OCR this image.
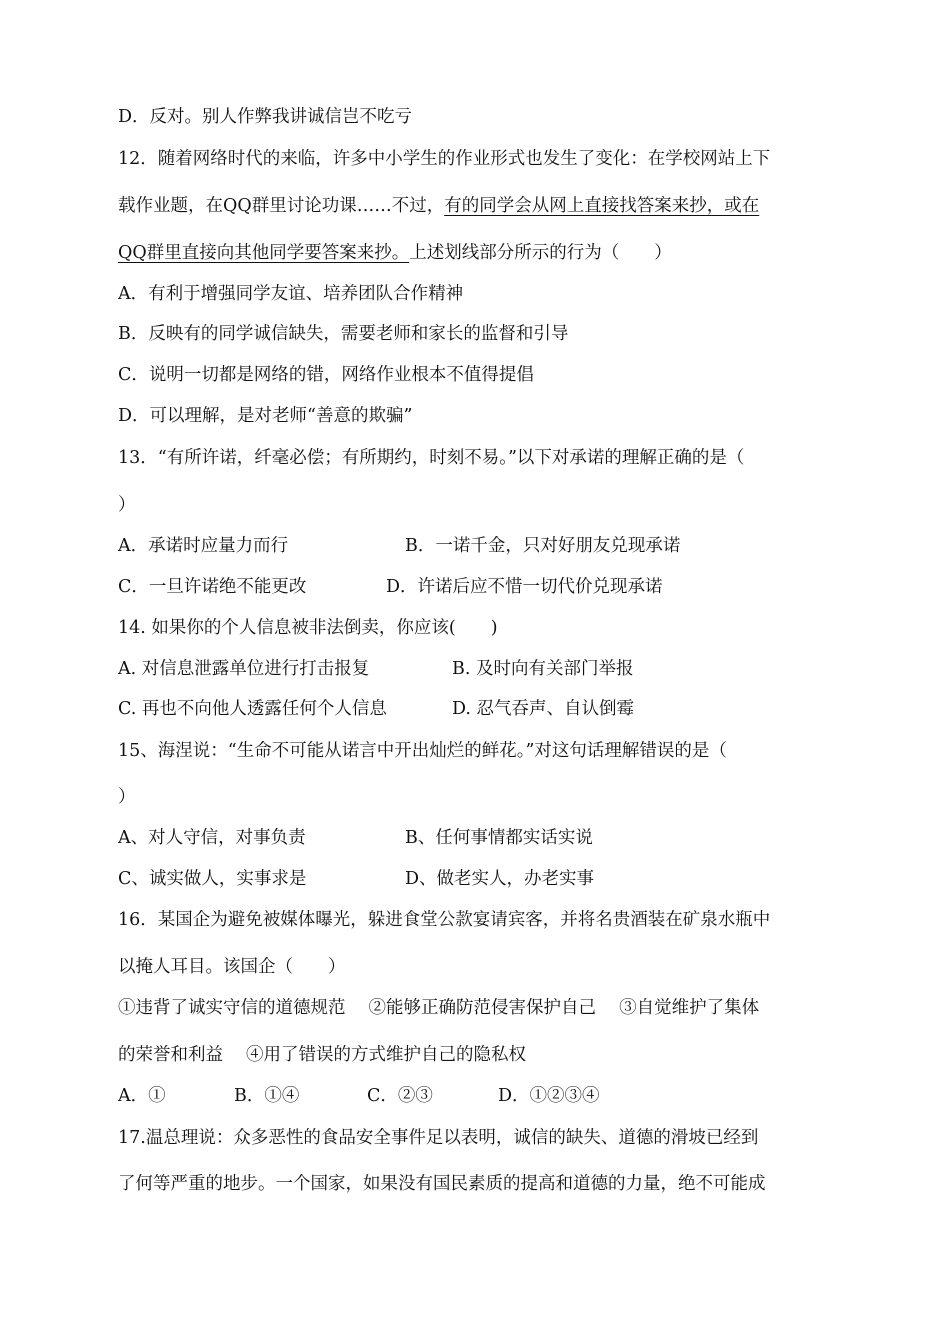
D．反对。别人作弊我讲诚信岂不吃亏
12．随着网络时代的来临，许多中小学生的作业形式也发生了变化：在学校网站上下
载作业题，在QQ群里讨论功课……不过，有的同学会从网上直接找答案来抄，或在
QQ群里直接向其他同学要答案来抄。上述划线部分所示的行为（　　）
A．有利于增强同学友谊、培养团队合作精神
B．反映有的同学诚信缺失，需要老师和家长的监督和引导
C．说明一切都是网络的错，网络作业根本不值得提倡
D．可以理解，是对老师“善意的欺骗”
13．“有所许诺，纤毫必偿；有所期约，时刻不易。”以下对承诺的理解正确的是（
）
A．承诺时应量力而行	B．一诺千金，只对好朋友兑现承诺
C．一旦许诺绝不能更改	D．许诺后应不惜一切代价兑现承诺
14. 如果你的个人信息被非法倒卖，你应该(　　)
A. 对信息泄露单位进行打击报复	B. 及时向有关部门举报
C. 再也不向他人透露任何个人信息	D. 忍气吞声、自认倒霉
15、海涅说：“生命不可能从诺言中开出灿烂的鲜花。”对这句话理解错误的是（
）
A、对人守信，对事负责	B、任何事情都实话实说
C、诚实做人，实事求是	D、做老实人，办老实事
16．某国企为避免被媒体曝光，躲进食堂公款宴请宾客，并将名贵酒装在矿泉水瓶中
以掩人耳目。该国企（　　）
①违背了诚实守信的道德规范　 ②能够正确防范侵害保护自己　 ③自觉维护了集体
的荣誉和利益　 ④用了错误的方式维护自己的隐私权
A．①	B．①④	C．②③	D．①②③④
17.温总理说：众多恶性的食品安全事件足以表明，诚信的缺失、道德的滑坡已经到
了何等严重的地步。一个国家，如果没有国民素质的提高和道德的力量，绝不可能成
